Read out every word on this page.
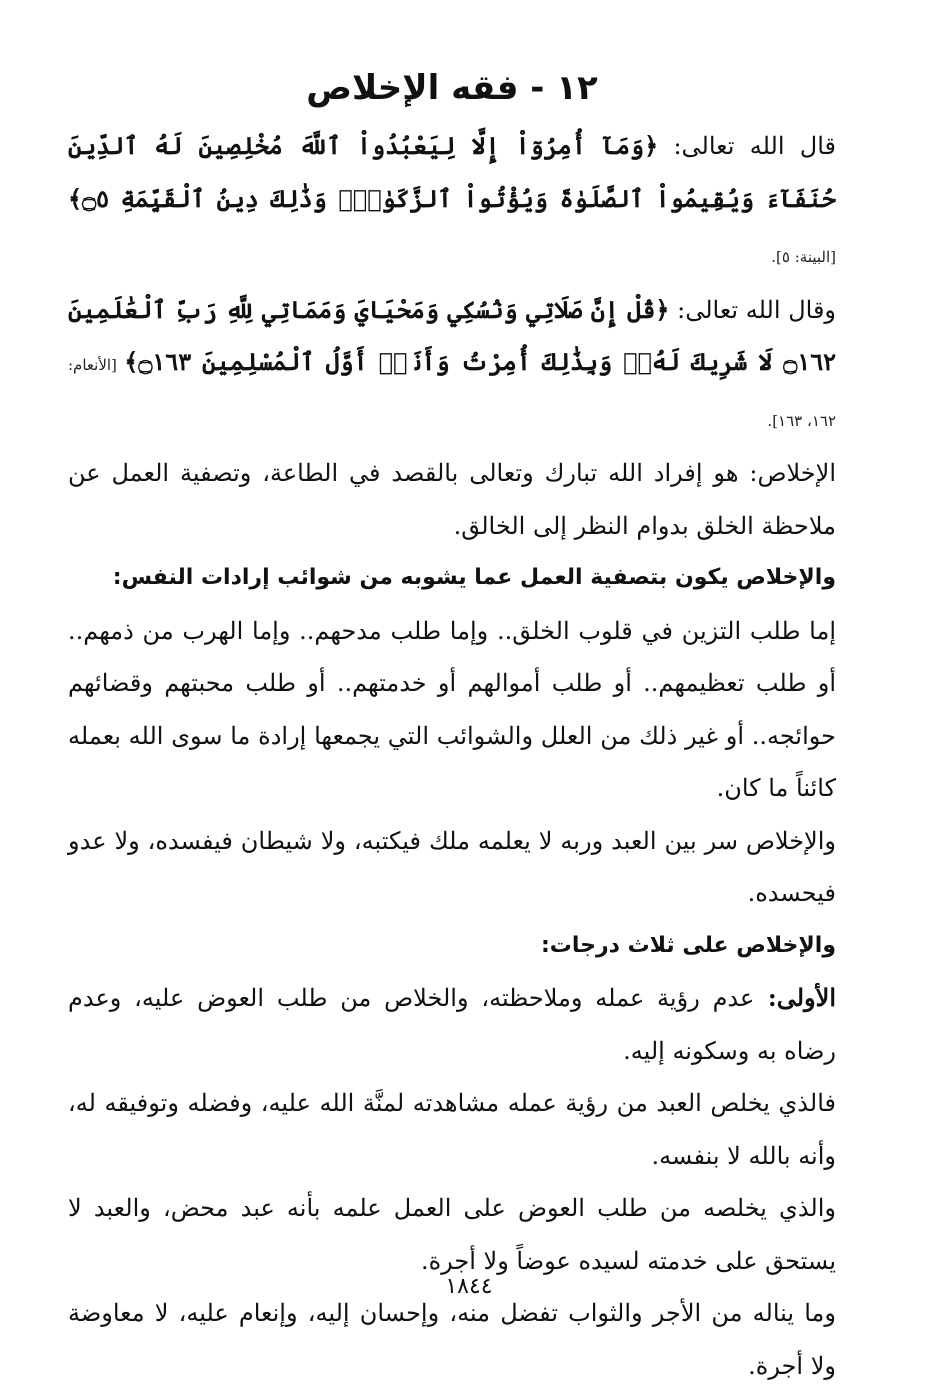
١٢ - فقه الإخلاص

قال الله تعالى: ﴿وَمَآ أُمِرُوٓاْ إِلَّا لِيَعْبُدُواْ ٱللَّهَ مُخْلِصِينَ لَهُ ٱلدِّينَ حُنَفَآءَ وَيُقِيمُواْ ٱلصَّلَوٰةَ وَيُؤْتُواْ ٱلزَّكَوٰةَۚ وَذَٰلِكَ دِينُ ٱلْقَيِّمَةِ ۝٥﴾ [البينة: ٥].

وقال الله تعالى: ﴿قُلْ إِنَّ صَلَاتِي وَنُسُكِي وَمَحْيَايَ وَمَمَاتِي لِلَّهِ رَبِّ ٱلْعَٰلَمِينَ ۝١٦٢ لَا شَرِيكَ لَهُۥۖ وَبِذَٰلِكَ أُمِرْتُ وَأَنَا۠ أَوَّلُ ٱلْمُسْلِمِينَ ۝١٦٣﴾ [الأنعام: ١٦٢، ١٦٣].

الإخلاص: هو إفراد الله تبارك وتعالى بالقصد في الطاعة، وتصفية العمل عن ملاحظة الخلق بدوام النظر إلى الخالق.

والإخلاص يكون بتصفية العمل عما يشوبه من شوائب إرادات النفس:

إما طلب التزين في قلوب الخلق.. وإما طلب مدحهم.. وإما الهرب من ذمهم.. أو طلب تعظيمهم.. أو طلب أموالهم أو خدمتهم.. أو طلب محبتهم وقضائهم حوائجه.. أو غير ذلك من العلل والشوائب التي يجمعها إرادة ما سوى الله بعمله كائناً ما كان.

والإخلاص سر بين العبد وربه لا يعلمه ملك فيكتبه، ولا شيطان فيفسده، ولا عدو فيحسده.

والإخلاص على ثلاث درجات:

الأولى: عدم رؤية عمله وملاحظته، والخلاص من طلب العوض عليه، وعدم رضاه به وسكونه إليه.

فالذي يخلص العبد من رؤية عمله مشاهدته لمنَّة الله عليه، وفضله وتوفيقه له، وأنه بالله لا بنفسه.

والذي يخلصه من طلب العوض على العمل علمه بأنه عبد محض، والعبد لا يستحق على خدمته لسيده عوضاً ولا أجرة.

وما يناله من الأجر والثواب تفضل منه، وإحسان إليه، وإنعام عليه، لا معاوضة ولا أجرة.

١٨٤٤
